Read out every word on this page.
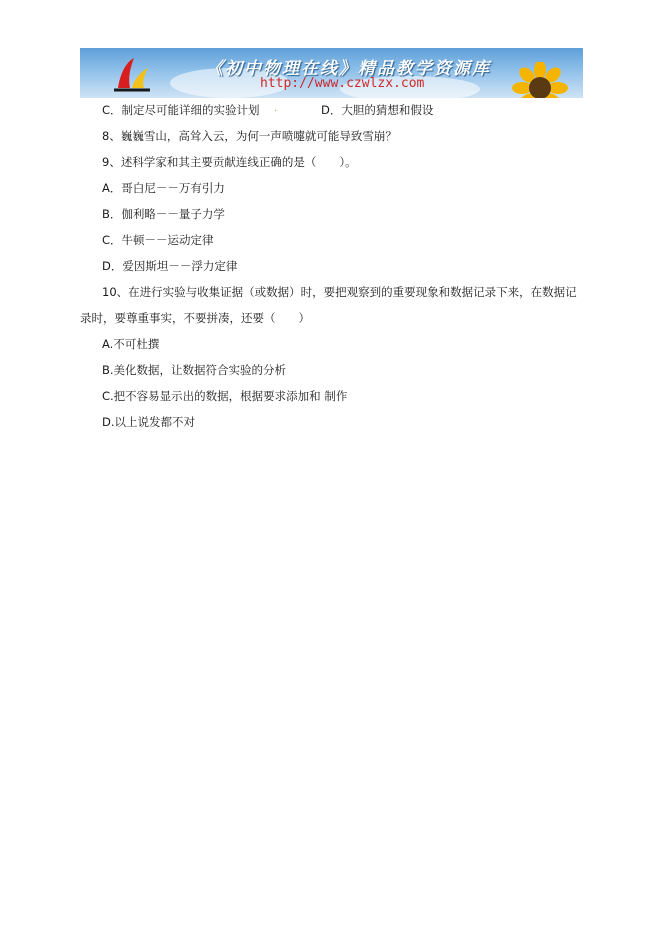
《初中物理在线》精品教学资源库
http://www.czwlzx.com
C．制定尽可能详细的实验计划 .	D．大胆的猜想和假设
8、巍巍雪山，高耸入云，为何一声喷嚏就可能导致雪崩？
9、述科学家和其主要贡献连线正确的是（　　）。
A．哥白尼－－万有引力
B．伽利略－－量子力学
C．牛顿－－运动定律
D．爱因斯坦－－浮力定律
10、在进行实验与收集证据（或数据）时，要把观察到的重要现象和数据记录下来，在数据记
录时，要尊重事实，不要拼凑，还要（　　）
A.不可杜撰
B.美化数据，让数据符合实验的分析
C.把不容易显示出的数据，根据要求添加和 制作
D.以上说发都不对
